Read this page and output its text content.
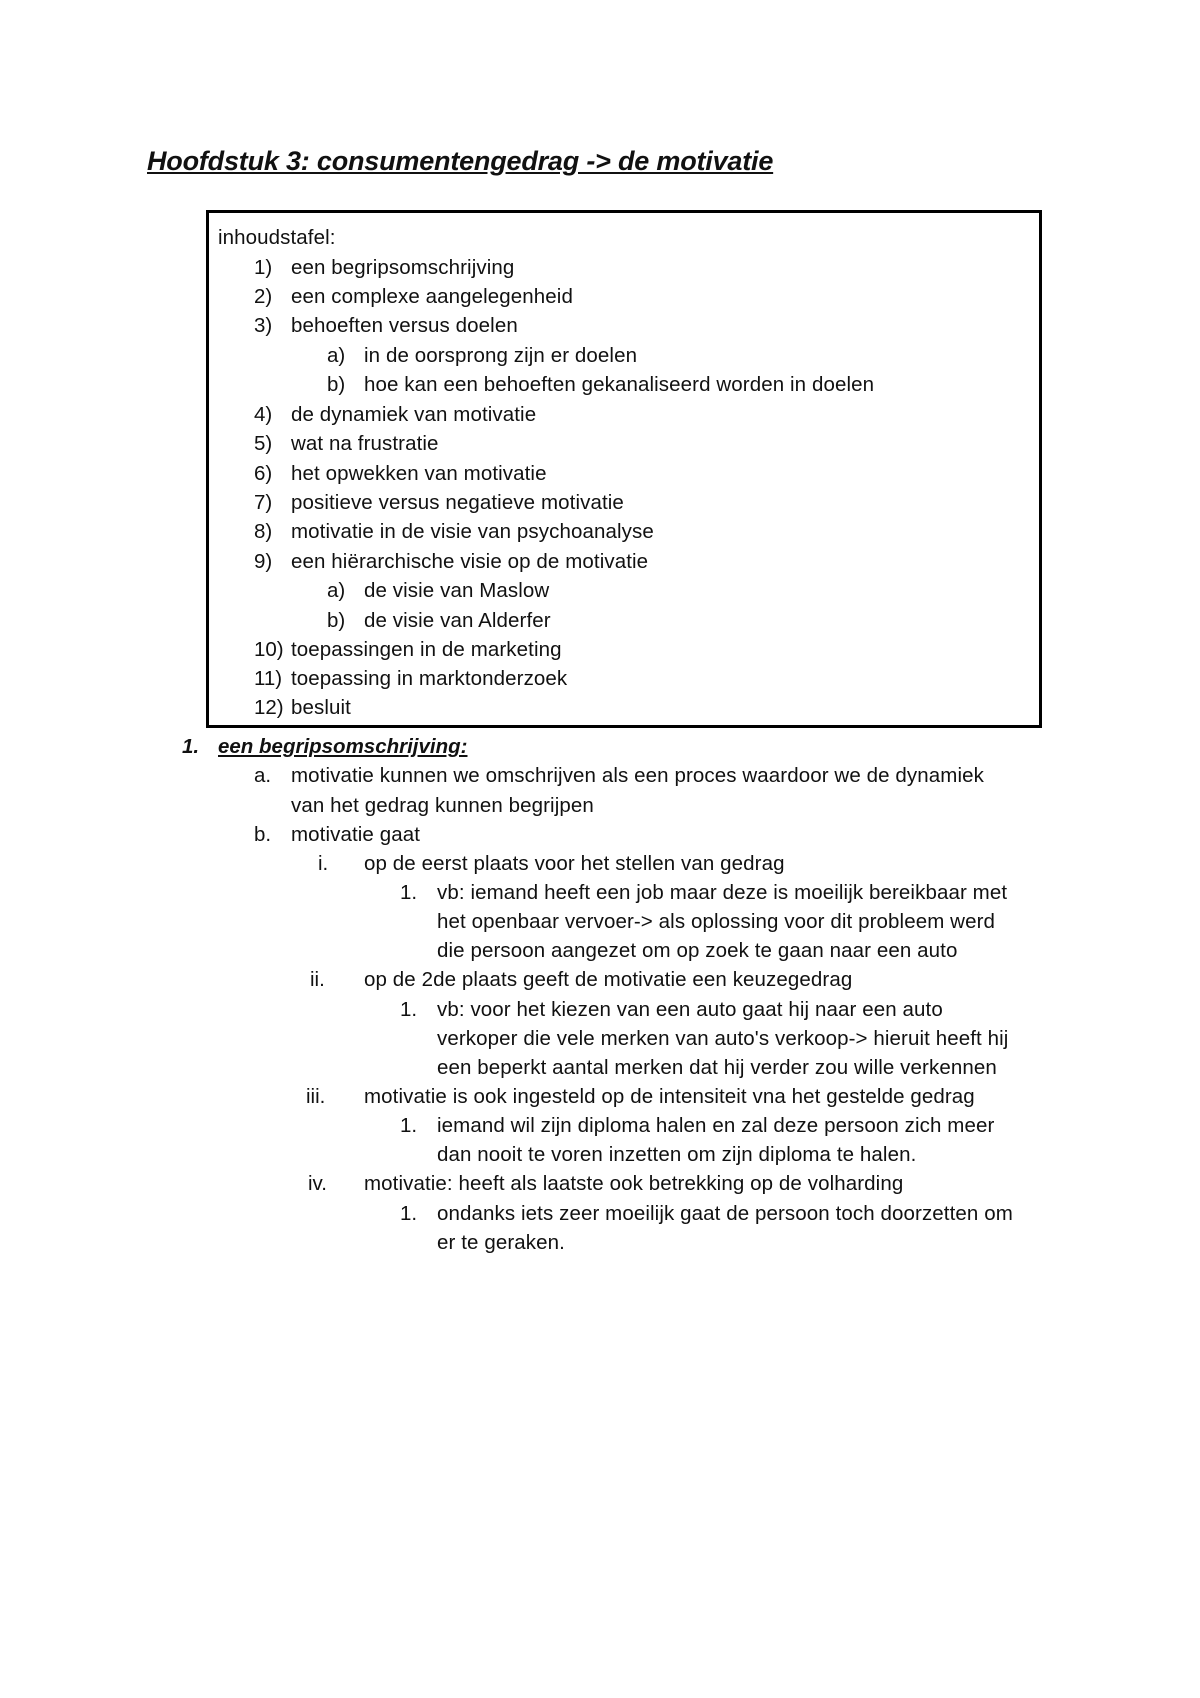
Hoofdstuk 3: consumentengedrag -> de motivatie
inhoudstafel:
1) een begripsomschrijving
2) een complexe aangelegenheid
3) behoeften versus doelen
a) in de oorsprong zijn er doelen
b) hoe kan een behoeften gekanaliseerd worden in doelen
4) de dynamiek van motivatie
5) wat na frustratie
6) het opwekken van motivatie
7) positieve versus negatieve motivatie
8) motivatie in de visie van psychoanalyse
9) een hiërarchische visie op de motivatie
a) de visie van Maslow
b) de visie van Alderfer
10) toepassingen in de marketing
11) toepassing in marktonderzoek
12) besluit
1. een begripsomschrijving:
a. motivatie kunnen we omschrijven als een proces waardoor we de dynamiek
van het gedrag kunnen begrijpen
b. motivatie gaat
i. op de eerst plaats voor het stellen van gedrag
1. vb: iemand heeft een job maar deze is moeilijk bereikbaar met
het openbaar vervoer-> als oplossing voor dit probleem werd
die persoon aangezet om op zoek te gaan naar een auto
ii. op de 2de plaats geeft de motivatie een keuzegedrag
1. vb: voor het kiezen van een auto gaat hij naar een auto
verkoper die vele merken van auto's verkoop-> hieruit heeft hij
een beperkt aantal merken dat hij verder zou wille verkennen
iii. motivatie is ook ingesteld op de intensiteit vna het gestelde gedrag
1. iemand wil zijn diploma halen en zal deze persoon zich meer
dan nooit te voren inzetten om zijn diploma te halen.
iv. motivatie: heeft als laatste ook betrekking op de volharding
1. ondanks iets zeer moeilijk gaat de persoon toch doorzetten om
er te geraken.
